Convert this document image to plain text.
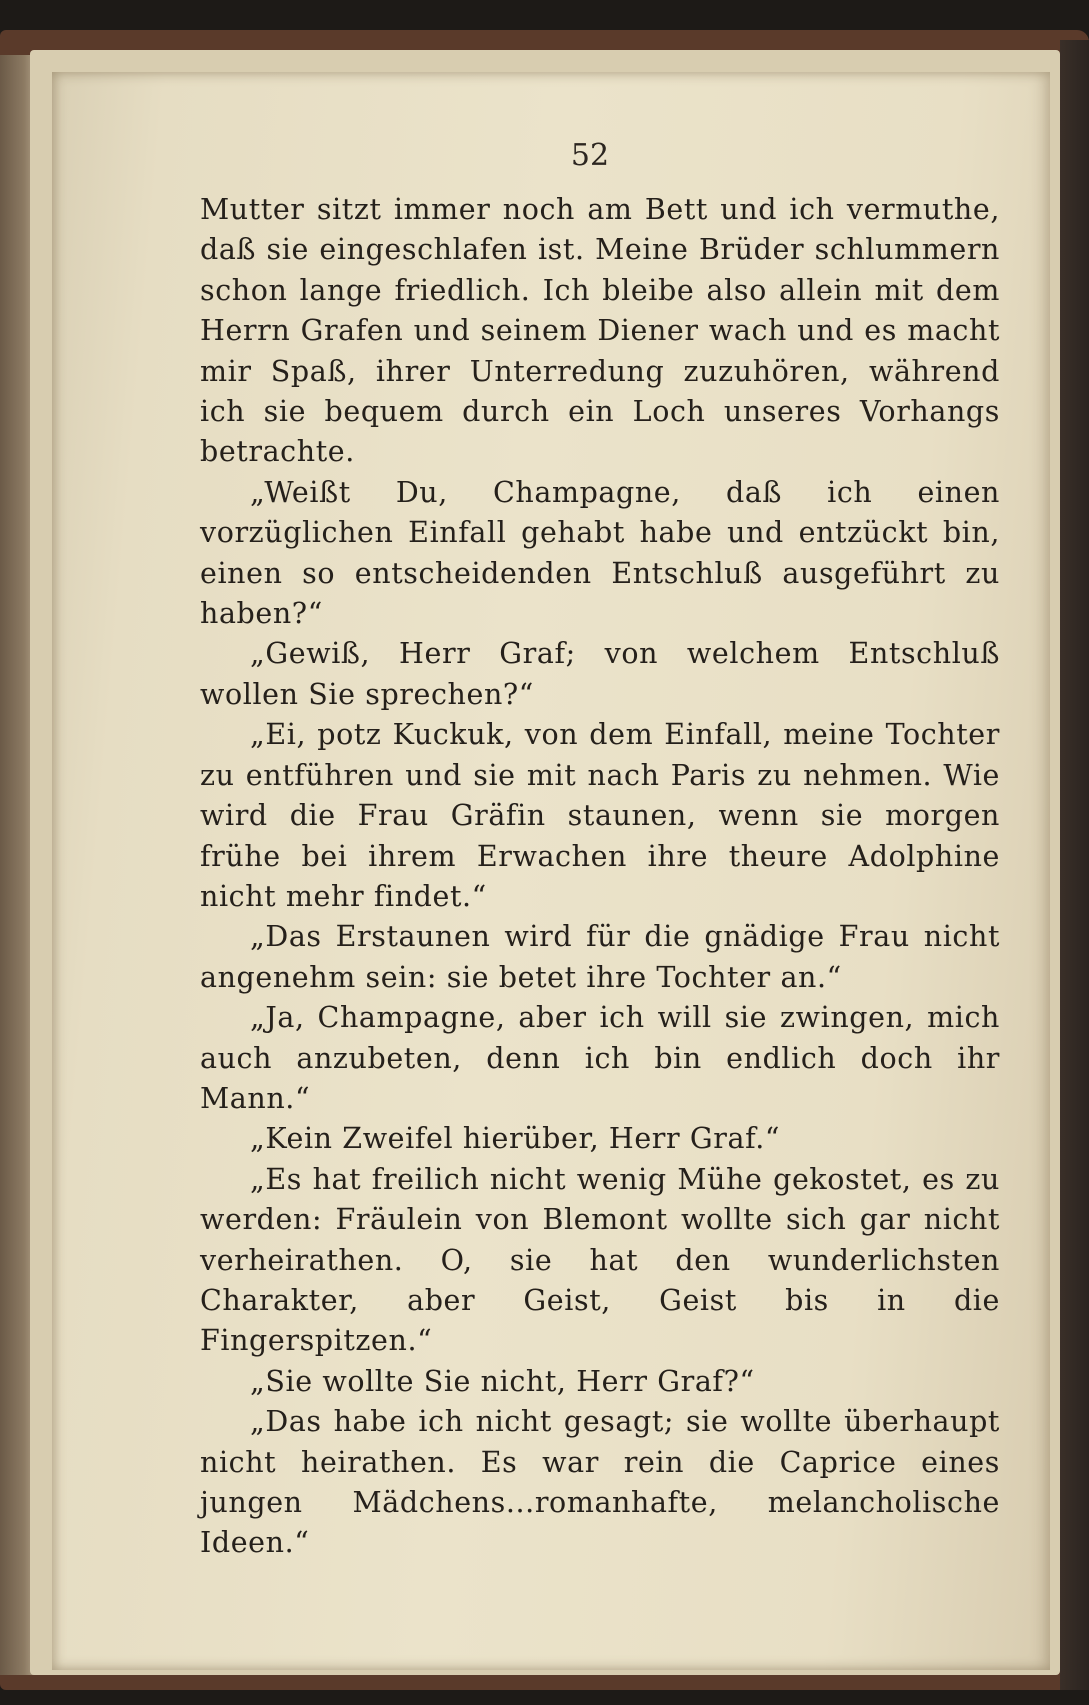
52

Mutter sitzt immer noch am Bett und ich vermuthe, daß sie eingeschlafen ist. Meine Brüder schlummern schon lange friedlich. Ich bleibe also allein mit dem Herrn Grafen und seinem Diener wach und es macht mir Spaß, ihrer Unterredung zuzuhören, während ich sie bequem durch ein Loch unseres Vorhangs betrachte.

„Weißt Du, Champagne, daß ich einen vorzüglichen Einfall gehabt habe und entzückt bin, einen so entscheidenden Entschluß ausgeführt zu haben?“

„Gewiß, Herr Graf; von welchem Entschluß wollen Sie sprechen?“

„Ei, potz Kuckuk, von dem Einfall, meine Tochter zu entführen und sie mit nach Paris zu nehmen. Wie wird die Frau Gräfin staunen, wenn sie morgen frühe bei ihrem Erwachen ihre theure Adolphine nicht mehr findet.“

„Das Erstaunen wird für die gnädige Frau nicht angenehm sein: sie betet ihre Tochter an.“

„Ja, Champagne, aber ich will sie zwingen, mich auch anzubeten, denn ich bin endlich doch ihr Mann.“

„Kein Zweifel hierüber, Herr Graf.“

„Es hat freilich nicht wenig Mühe gekostet, es zu werden: Fräulein von Blemont wollte sich gar nicht verheirathen. O, sie hat den wunderlichsten Charakter, aber Geist, Geist bis in die Fingerspitzen.“

„Sie wollte Sie nicht, Herr Graf?“

„Das habe ich nicht gesagt; sie wollte überhaupt nicht heirathen. Es war rein die Caprice eines jungen Mädchens...romanhafte, melancholische Ideen.“
